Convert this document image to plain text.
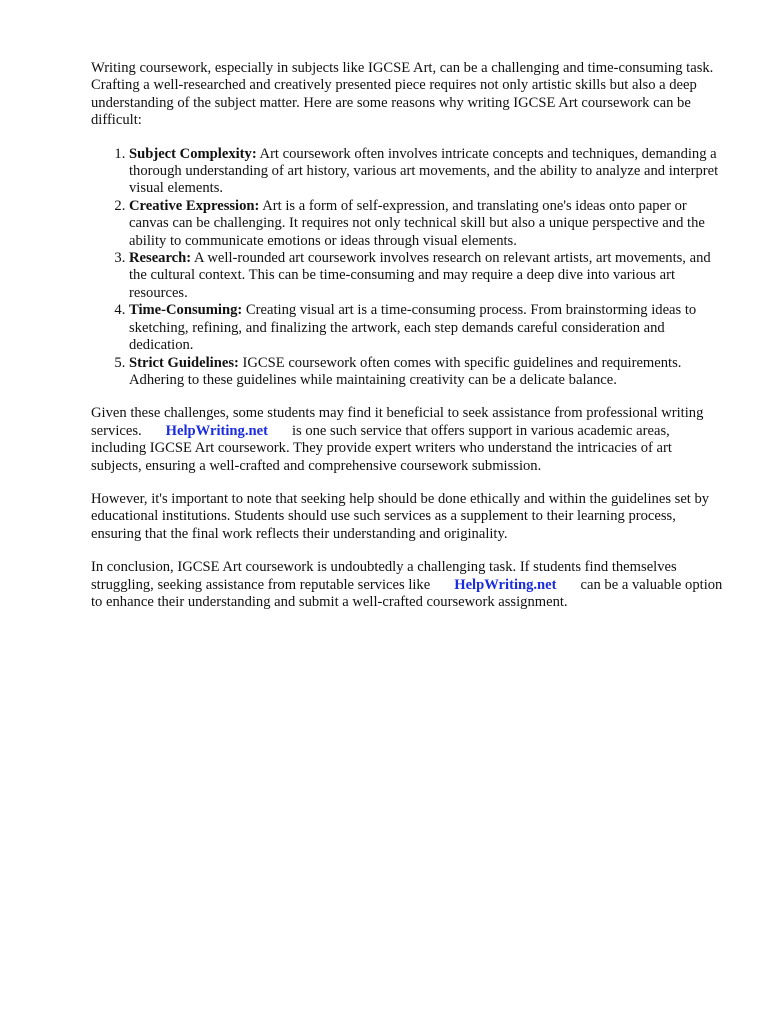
Writing coursework, especially in subjects like IGCSE Art, can be a challenging and time-consuming task. Crafting a well-researched and creatively presented piece requires not only artistic skills but also a deep understanding of the subject matter. Here are some reasons why writing IGCSE Art coursework can be difficult:

1. Subject Complexity: Art coursework often involves intricate concepts and techniques, demanding a thorough understanding of art history, various art movements, and the ability to analyze and interpret visual elements.
2. Creative Expression: Art is a form of self-expression, and translating one's ideas onto paper or canvas can be challenging. It requires not only technical skill but also a unique perspective and the ability to communicate emotions or ideas through visual elements.
3. Research: A well-rounded art coursework involves research on relevant artists, art movements, and the cultural context. This can be time-consuming and may require a deep dive into various art resources.
4. Time-Consuming: Creating visual art is a time-consuming process. From brainstorming ideas to sketching, refining, and finalizing the artwork, each step demands careful consideration and dedication.
5. Strict Guidelines: IGCSE coursework often comes with specific guidelines and requirements. Adhering to these guidelines while maintaining creativity can be a delicate balance.

Given these challenges, some students may find it beneficial to seek assistance from professional writing services. HelpWriting.net is one such service that offers support in various academic areas, including IGCSE Art coursework. They provide expert writers who understand the intricacies of art subjects, ensuring a well-crafted and comprehensive coursework submission.

However, it's important to note that seeking help should be done ethically and within the guidelines set by educational institutions. Students should use such services as a supplement to their learning process, ensuring that the final work reflects their understanding and originality.

In conclusion, IGCSE Art coursework is undoubtedly a challenging task. If students find themselves struggling, seeking assistance from reputable services like HelpWriting.net can be a valuable option to enhance their understanding and submit a well-crafted coursework assignment.
